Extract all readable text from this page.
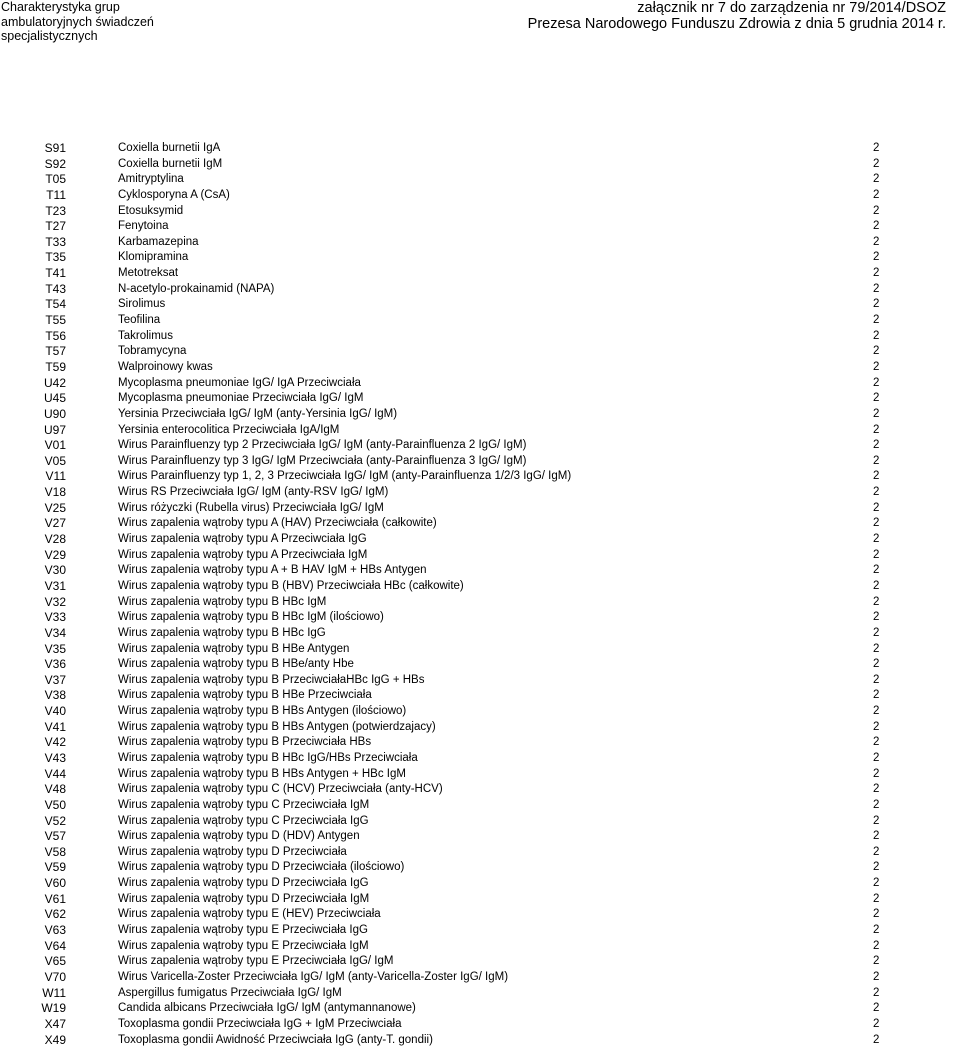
Charakterystyka grup ambulatoryjnych świadczeń specjalistycznych
załącznik nr 7 do zarządzenia nr 79/2014/DSOZ
Prezesa Narodowego Funduszu Zdrowia z dnia 5 grudnia 2014 r.
S91	Coxiella burnetii IgA	2
S92	Coxiella burnetii IgM	2
T05	Amitryptylina	2
T11	Cyklosporyna A (CsA)	2
T23	Etosuksymid	2
T27	Fenytoina	2
T33	Karbamazepina	2
T35	Klomipramina	2
T41	Metotreksat	2
T43	N-acetylo-prokainamid (NAPA)	2
T54	Sirolimus	2
T55	Teofilina	2
T56	Takrolimus	2
T57	Tobramycyna	2
T59	Walproinowy kwas	2
U42	Mycoplasma pneumoniae IgG/ IgA Przeciwciała	2
U45	Mycoplasma pneumoniae Przeciwciała IgG/ IgM	2
U90	Yersinia Przeciwciała IgG/ IgM (anty-Yersinia IgG/ IgM)	2
U97	Yersinia enterocolitica Przeciwciała IgA/IgM	2
V01	Wirus Parainfluenzy typ 2 Przeciwciała IgG/ IgM (anty-Parainfluenza 2 IgG/ IgM)	2
V05	Wirus Parainfluenzy typ 3 IgG/ IgM Przeciwciała (anty-Parainfluenza 3 IgG/ IgM)	2
V11	Wirus Parainfluenzy typ 1, 2, 3 Przeciwciała IgG/ IgM (anty-Parainfluenza 1/2/3 IgG/ IgM)	2
V18	Wirus RS Przeciwciała IgG/ IgM (anty-RSV IgG/ IgM)	2
V25	Wirus różyczki (Rubella virus) Przeciwciała IgG/ IgM	2
V27	Wirus zapalenia wątroby typu A (HAV) Przeciwciała (całkowite)	2
V28	Wirus zapalenia wątroby typu A Przeciwciała IgG	2
V29	Wirus zapalenia wątroby typu A Przeciwciała IgM	2
V30	Wirus zapalenia wątroby typu A + B HAV IgM + HBs Antygen	2
V31	Wirus zapalenia wątroby typu B (HBV) Przeciwciała HBc (całkowite)	2
V32	Wirus zapalenia wątroby typu B HBc IgM	2
V33	Wirus zapalenia wątroby typu B HBc IgM (ilościowo)	2
V34	Wirus zapalenia wątroby typu B HBc IgG	2
V35	Wirus zapalenia wątroby typu B HBe Antygen	2
V36	Wirus zapalenia wątroby typu B HBe/anty Hbe	2
V37	Wirus zapalenia wątroby typu B PrzeciwciałaHBc IgG + HBs	2
V38	Wirus zapalenia wątroby typu B HBe Przeciwciała	2
V40	Wirus zapalenia wątroby typu B HBs Antygen (ilościowo)	2
V41	Wirus zapalenia wątroby typu B HBs Antygen (potwierdzajacy)	2
V42	Wirus zapalenia wątroby typu B Przeciwciała HBs	2
V43	Wirus zapalenia wątroby typu B HBc IgG/HBs Przeciwciała	2
V44	Wirus zapalenia wątroby typu B HBs Antygen + HBc IgM	2
V48	Wirus zapalenia wątroby typu C (HCV) Przeciwciała (anty-HCV)	2
V50	Wirus zapalenia wątroby typu C Przeciwciała IgM	2
V52	Wirus zapalenia wątroby typu C Przeciwciała IgG	2
V57	Wirus zapalenia wątroby typu D (HDV) Antygen	2
V58	Wirus zapalenia wątroby typu D Przeciwciała	2
V59	Wirus zapalenia wątroby typu D Przeciwciała (ilościowo)	2
V60	Wirus zapalenia wątroby typu D Przeciwciała IgG	2
V61	Wirus zapalenia wątroby typu D Przeciwciała IgM	2
V62	Wirus zapalenia wątroby typu E (HEV) Przeciwciała	2
V63	Wirus zapalenia wątroby typu E Przeciwciała IgG	2
V64	Wirus zapalenia wątroby typu E Przeciwciała IgM	2
V65	Wirus zapalenia wątroby typu E Przeciwciała IgG/ IgM	2
V70	Wirus Varicella-Zoster Przeciwciała IgG/ IgM (anty-Varicella-Zoster IgG/ IgM)	2
W11	Aspergillus fumigatus Przeciwciała IgG/ IgM	2
W19	Candida albicans Przeciwciała IgG/ IgM (antymannanowe)	2
X47	Toxoplasma gondii Przeciwciała IgG + IgM Przeciwciała	2
X49	Toxoplasma gondii Awidność Przeciwciała IgG (anty-T. gondii)	2
